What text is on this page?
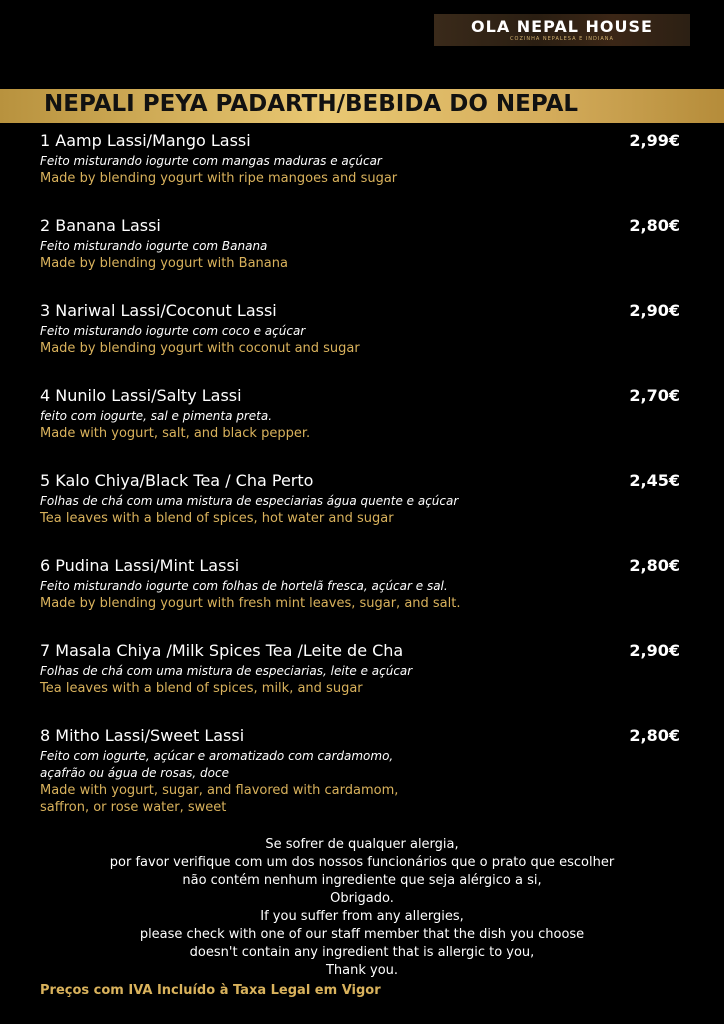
OLA NEPAL HOUSE
COZINHA NEPALESA E INDIANA
NEPALI PEYA PADARTH/BEBIDA DO NEPAL
1 Aamp Lassi/Mango Lassi	2,99€
Feito misturando iogurte com mangas maduras e açúcar
Made by blending yogurt with ripe mangoes and sugar
2 Banana Lassi	2,80€
Feito misturando iogurte com Banana
Made by blending yogurt with Banana
3 Nariwal Lassi/Coconut Lassi	2,90€
Feito misturando iogurte com coco e açúcar
Made by blending yogurt with coconut and sugar
4 Nunilo Lassi/Salty Lassi	2,70€
feito com iogurte, sal e pimenta preta.
Made with yogurt, salt, and black pepper.
5 Kalo Chiya/Black Tea / Cha Perto	2,45€
Folhas de chá com uma mistura de especiarias água quente e açúcar
Tea leaves with a blend of spices, hot water and sugar
6 Pudina Lassi/Mint Lassi	2,80€
Feito misturando iogurte com folhas de hortelã fresca, açúcar e sal.
Made by blending yogurt with fresh mint leaves, sugar, and salt.
7 Masala Chiya /Milk Spices Tea /Leite de Cha	2,90€
Folhas de chá com uma mistura de especiarias, leite e açúcar
Tea leaves with a blend of spices, milk, and sugar
8 Mitho Lassi/Sweet Lassi	2,80€
Feito com iogurte, açúcar e aromatizado com cardamomo,
açafrão ou água de rosas, doce
Made with yogurt, sugar, and flavored with cardamom,
saffron, or rose water, sweet
Se sofrer de qualquer alergia,
por favor verifique com um dos nossos funcionários que o prato que escolher
não contém nenhum ingrediente que seja alérgico a si,
Obrigado.
If you suffer from any allergies,
please check with one of our staff member that the dish you choose
doesn't contain any ingredient that is allergic to you,
Thank you.
Preços com IVA Incluído à Taxa Legal em Vigor
